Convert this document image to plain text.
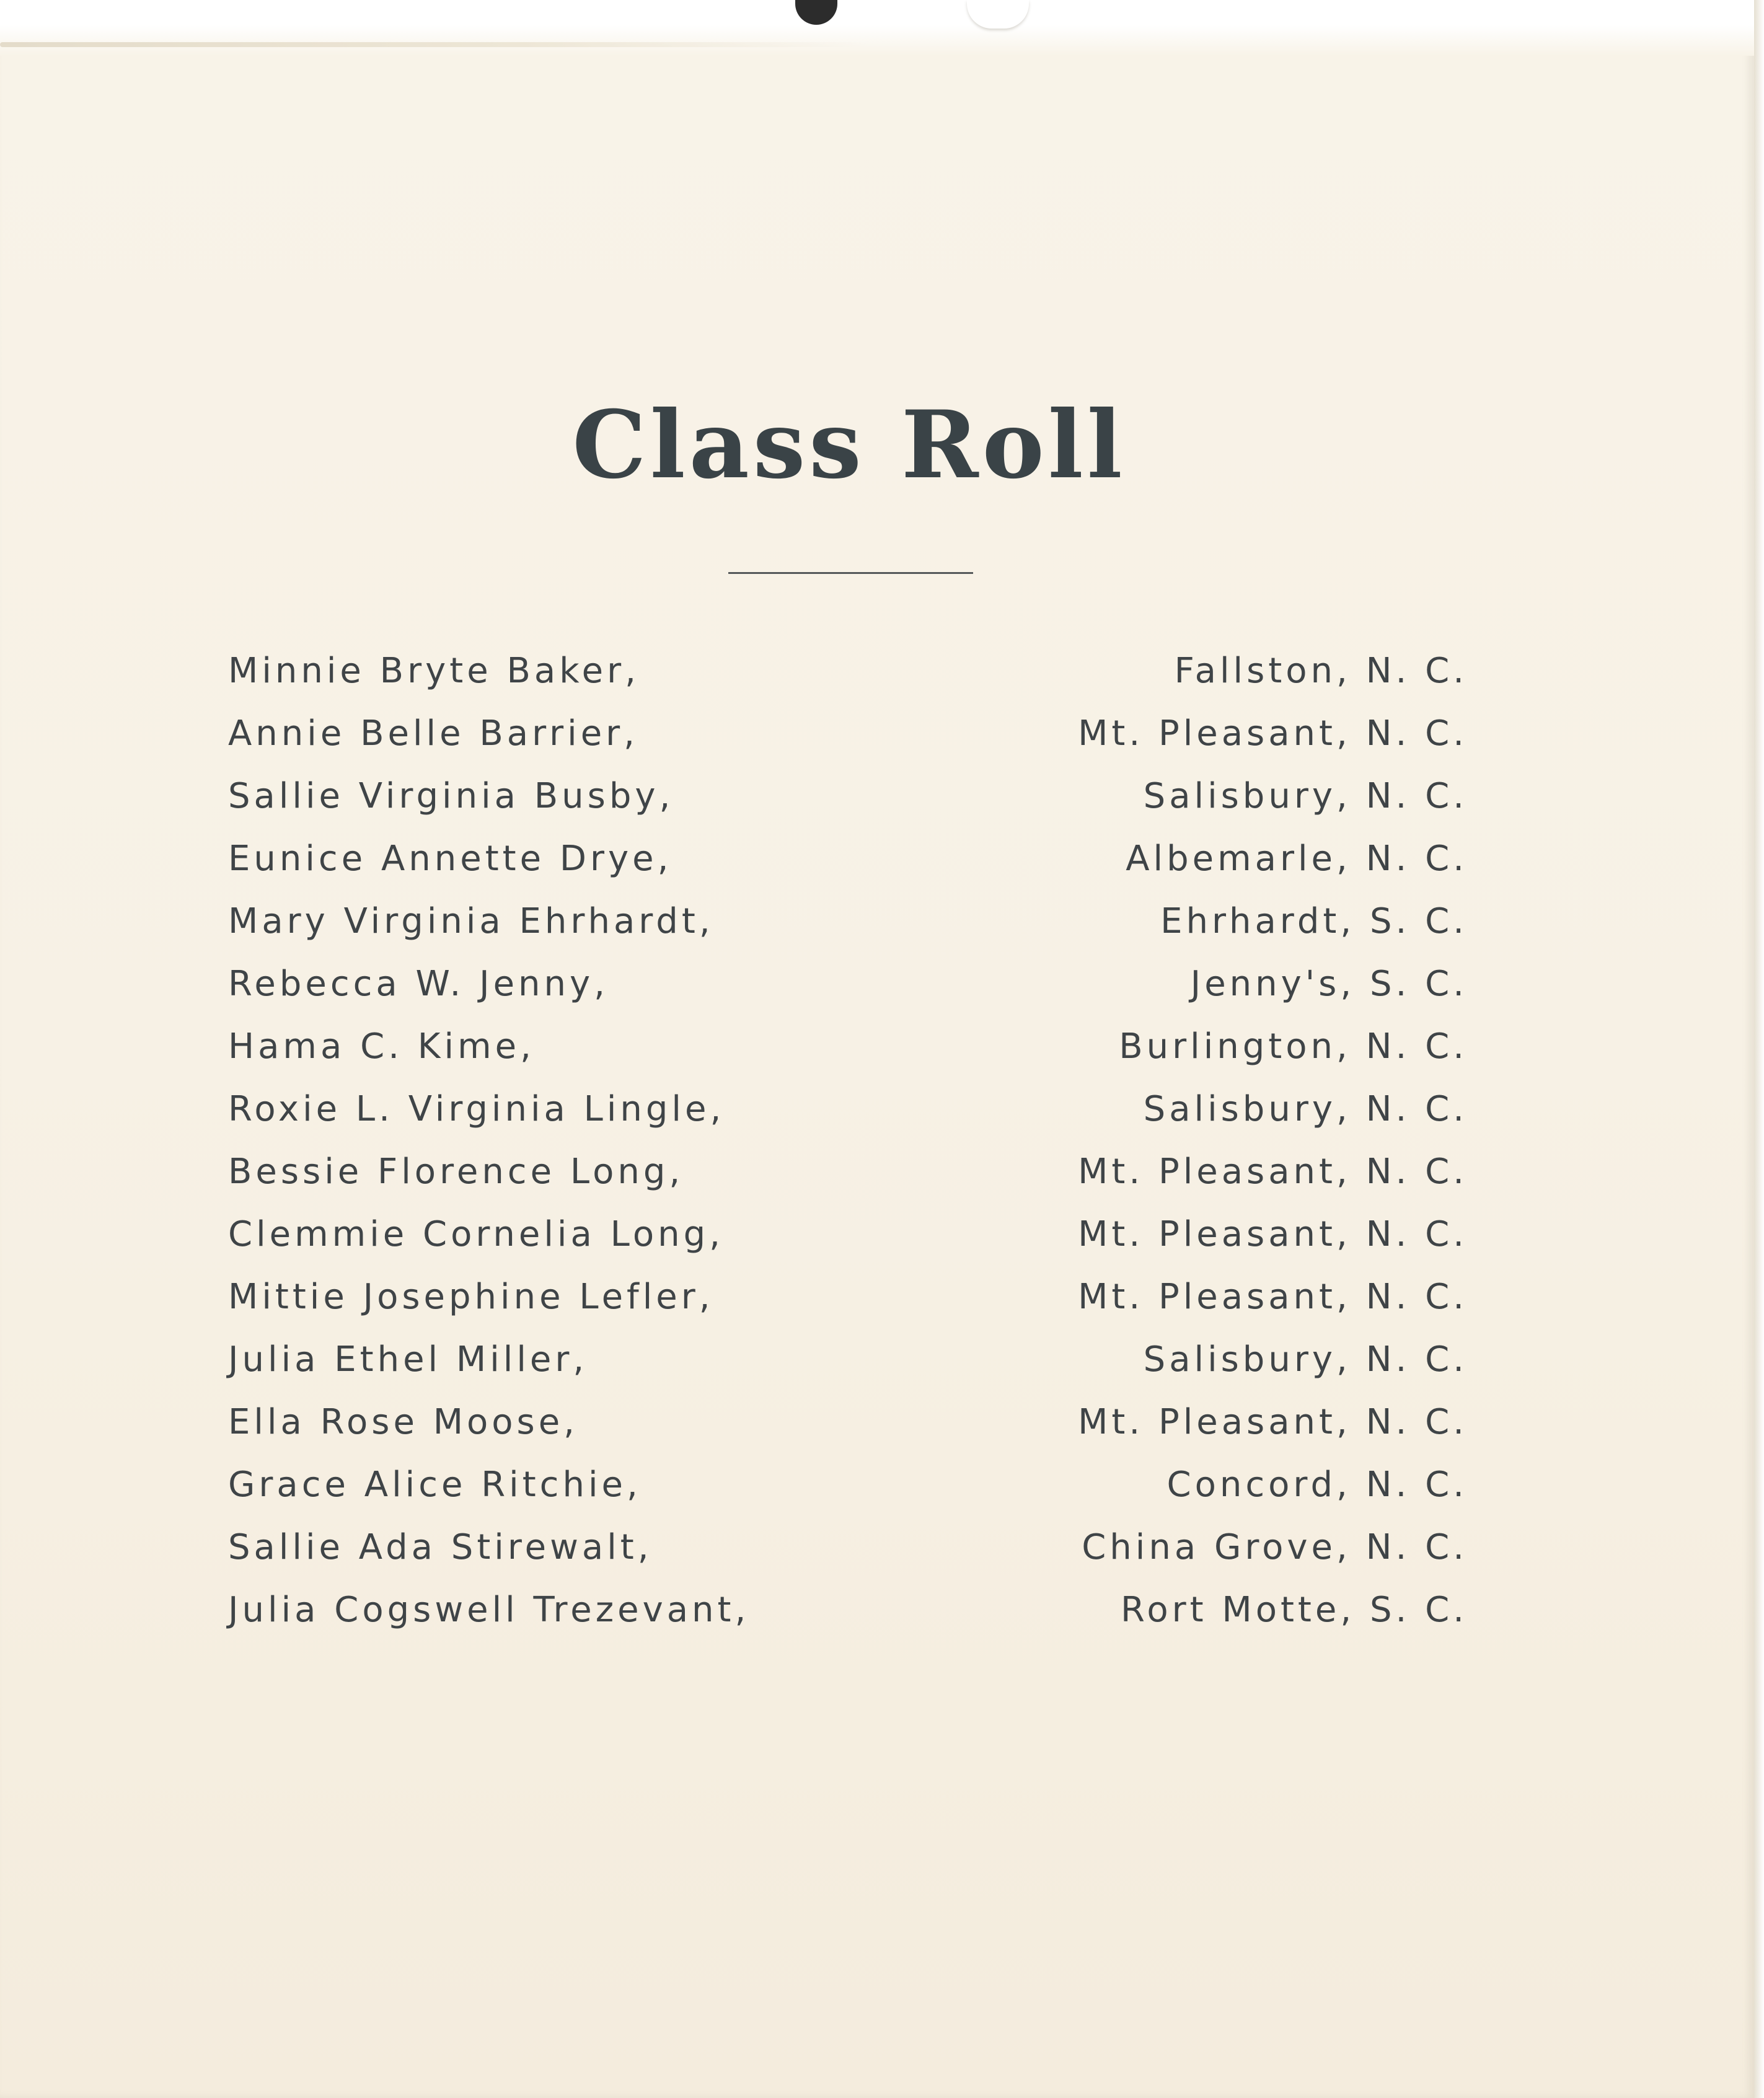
Class Roll
Minnie Bryte Baker,	Fallston, N. C.
Annie Belle Barrier,	Mt. Pleasant, N. C.
Sallie Virginia Busby,	Salisbury, N. C.
Eunice Annette Drye,	Albemarle, N. C.
Mary Virginia Ehrhardt,	Ehrhardt, S. C.
Rebecca W. Jenny,	Jenny's, S. C.
Hama C. Kime,	Burlington, N. C.
Roxie L. Virginia Lingle,	Salisbury, N. C.
Bessie Florence Long,	Mt. Pleasant, N. C.
Clemmie Cornelia Long,	Mt. Pleasant, N. C.
Mittie Josephine Lefler,	Mt. Pleasant, N. C.
Julia Ethel Miller,	Salisbury, N. C.
Ella Rose Moose,	Mt. Pleasant, N. C.
Grace Alice Ritchie,	Concord, N. C.
Sallie Ada Stirewalt,	China Grove, N. C.
Julia Cogswell Trezevant,	Rort Motte, S. C.
